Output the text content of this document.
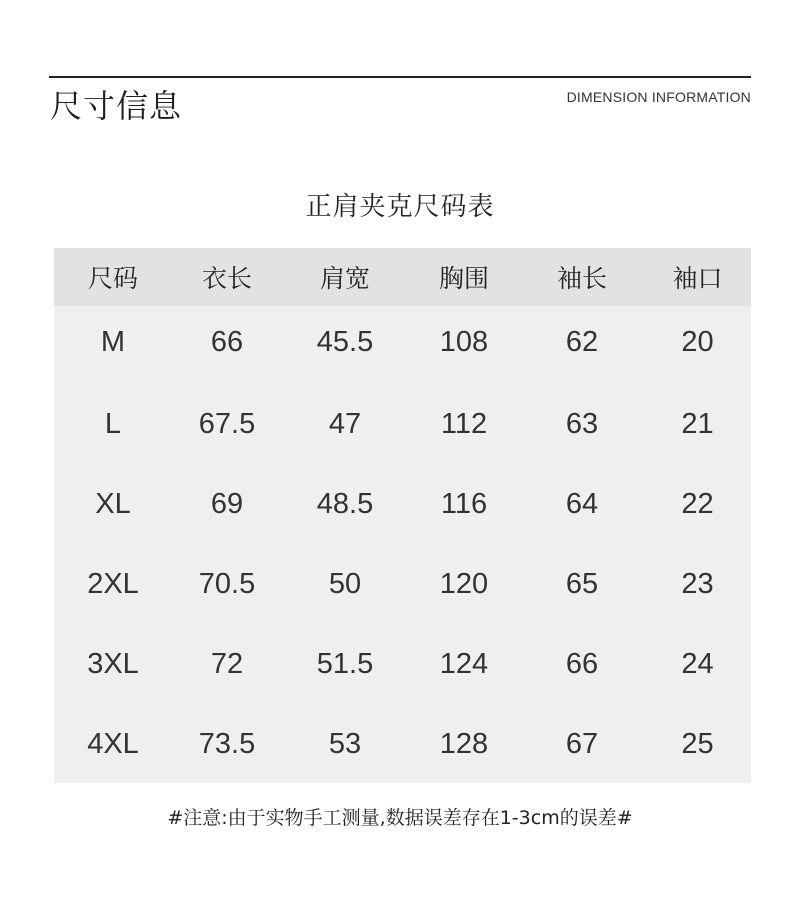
尺寸信息	DIMENSION INFORMATION
正肩夹克尺码表
尺码	衣长	肩宽	胸围	袖长	袖口
M	66	45.5	108	62	20
L	67.5	47	112	63	21
XL	69	48.5	116	64	22
2XL	70.5	50	120	65	23
3XL	72	51.5	124	66	24
4XL	73.5	53	128	67	25
#注意:由于实物手工测量,数据误差存在1-3cm的误差#
